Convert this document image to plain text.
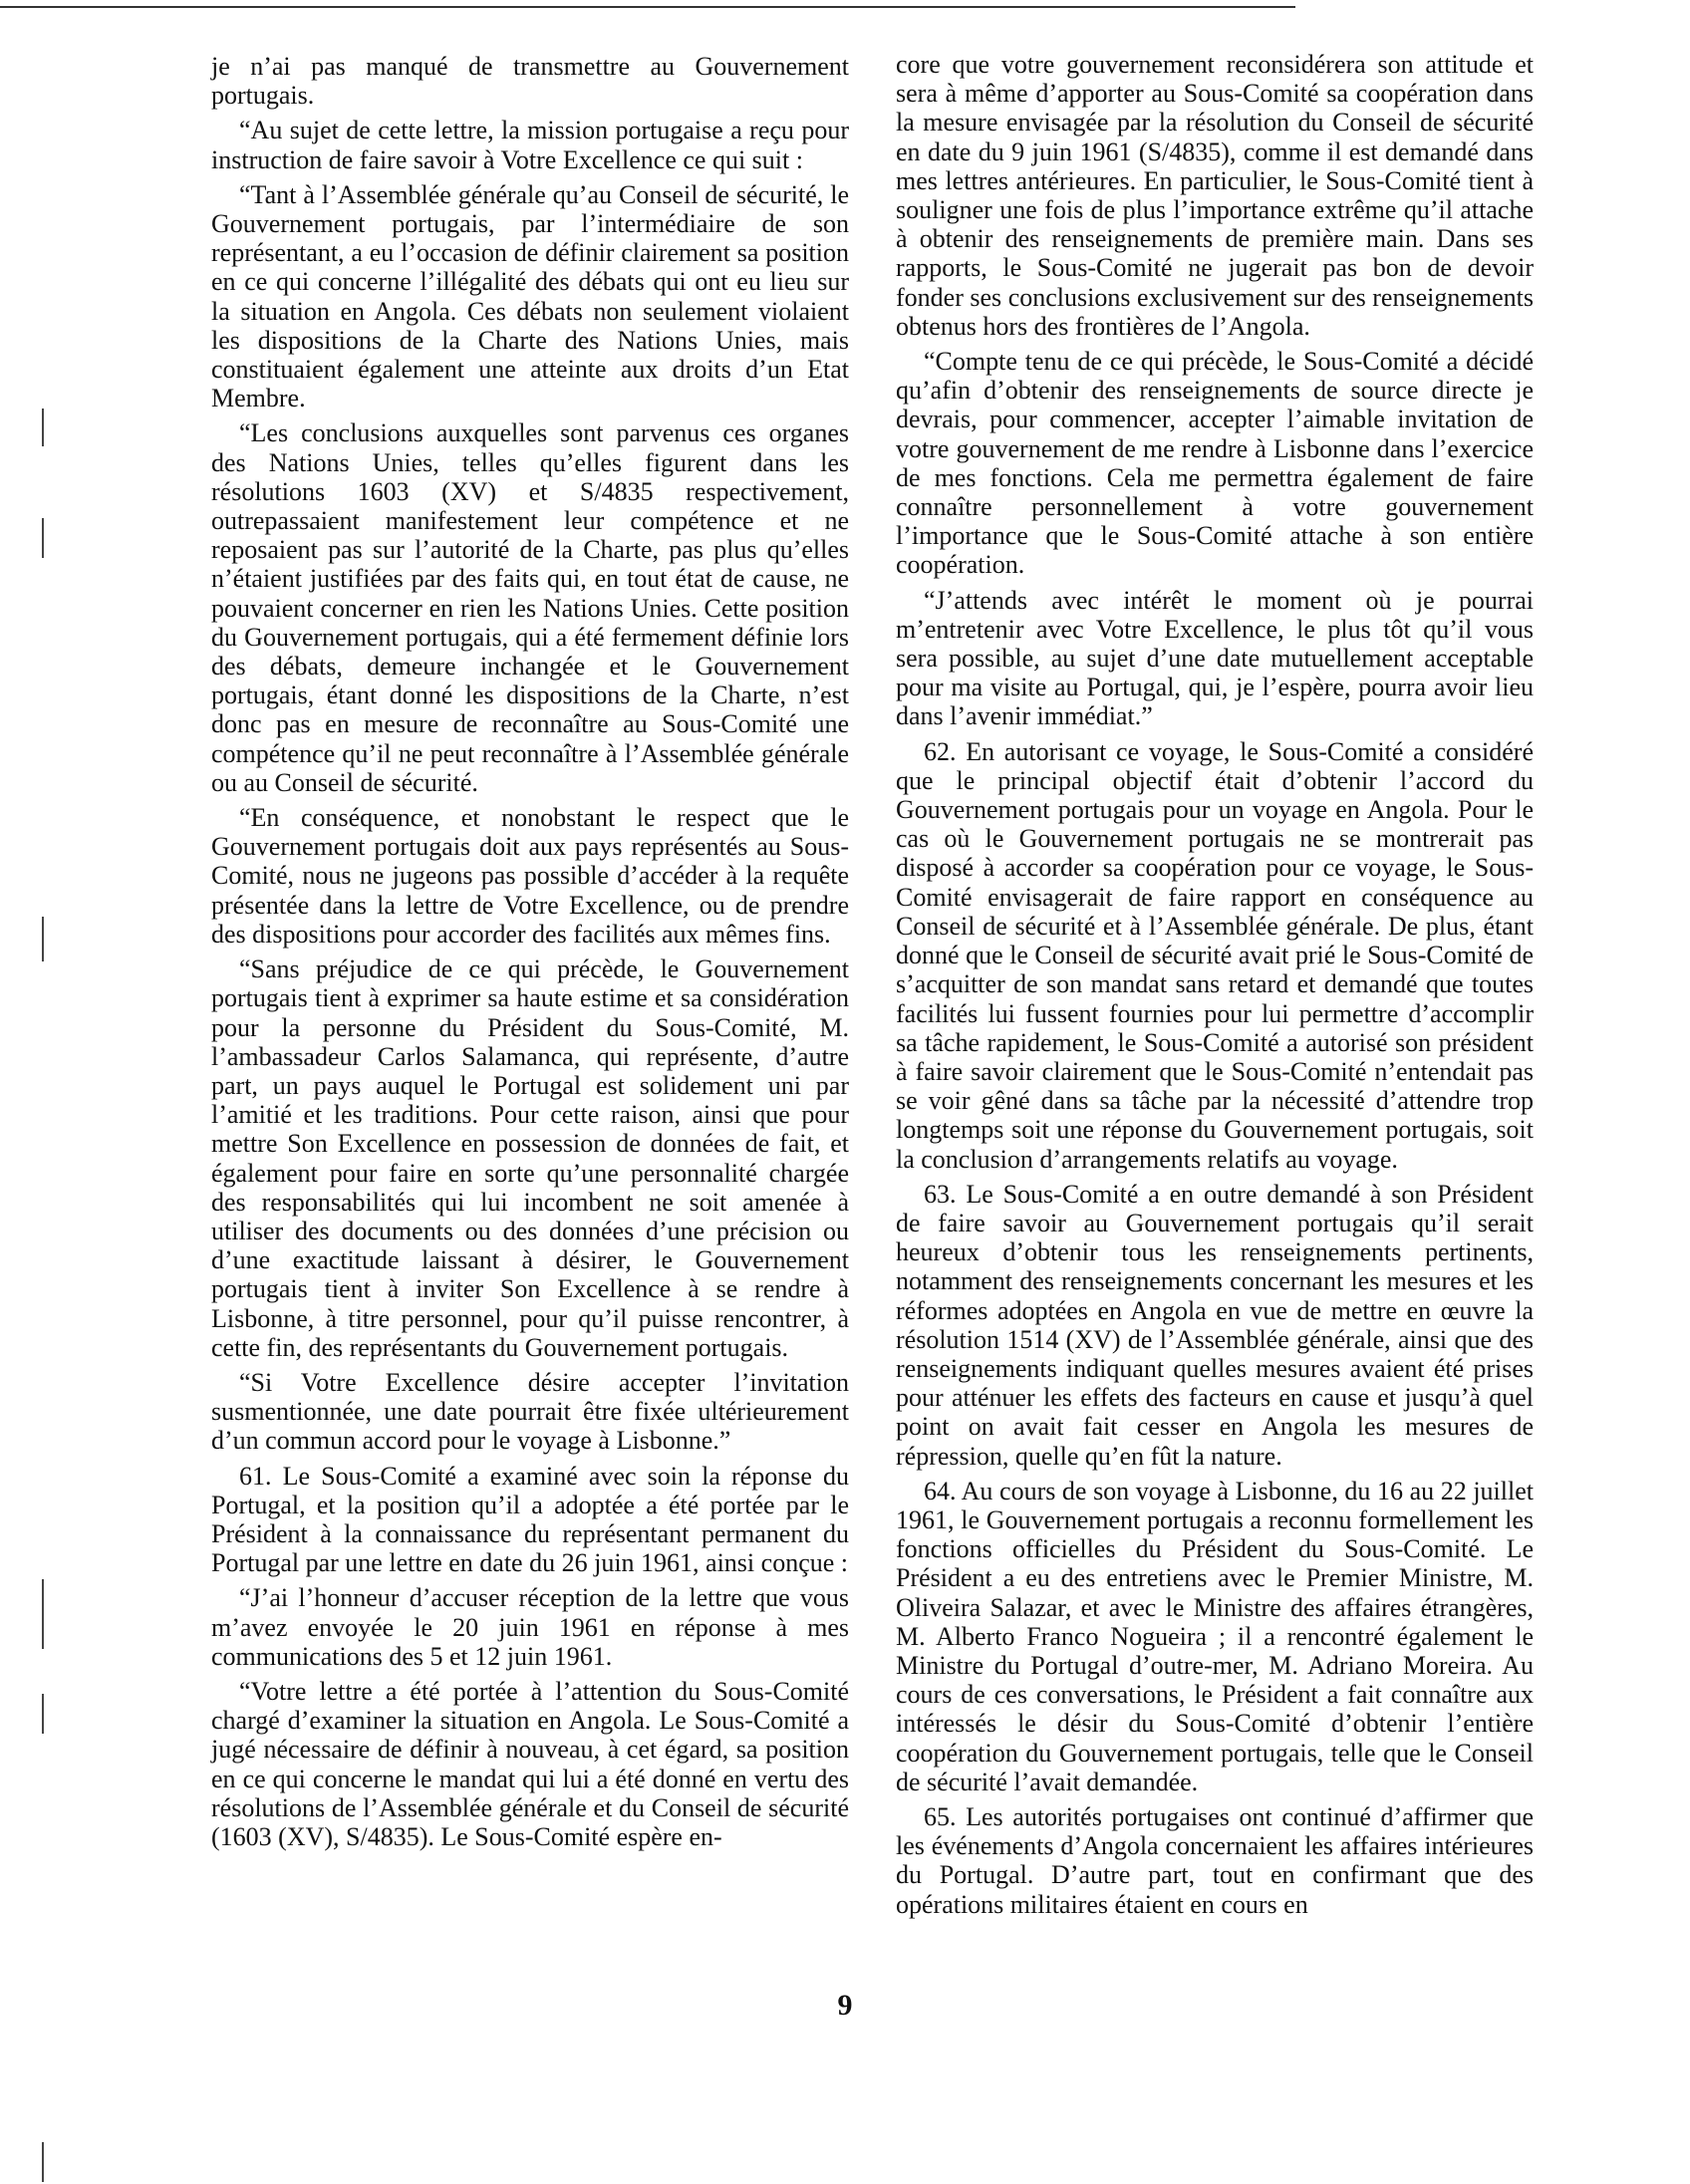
je n’ai pas manqué de transmettre au Gouvernement portugais.

“Au sujet de cette lettre, la mission portugaise a reçu pour instruction de faire savoir à Votre Excellence ce qui suit :

“Tant à l’Assemblée générale qu’au Conseil de sécurité, le Gouvernement portugais, par l’intermédiaire de son représentant, a eu l’occasion de définir clairement sa position en ce qui concerne l’illégalité des débats qui ont eu lieu sur la situation en Angola. Ces débats non seulement violaient les dispositions de la Charte des Nations Unies, mais constituaient également une atteinte aux droits d’un Etat Membre.

“Les conclusions auxquelles sont parvenus ces organes des Nations Unies, telles qu’elles figurent dans les résolutions 1603 (XV) et S/4835 respectivement, outrepassaient manifestement leur compétence et ne reposaient pas sur l’autorité de la Charte, pas plus qu’elles n’étaient justifiées par des faits qui, en tout état de cause, ne pouvaient concerner en rien les Nations Unies. Cette position du Gouvernement portugais, qui a été fermement définie lors des débats, demeure inchangée et le Gouvernement portugais, étant donné les dispositions de la Charte, n’est donc pas en mesure de reconnaître au Sous-Comité une compétence qu’il ne peut reconnaître à l’Assemblée générale ou au Conseil de sécurité.

“En conséquence, et nonobstant le respect que le Gouvernement portugais doit aux pays représentés au Sous-Comité, nous ne jugeons pas possible d’accéder à la requête présentée dans la lettre de Votre Excellence, ou de prendre des dispositions pour accorder des facilités aux mêmes fins.

“Sans préjudice de ce qui précède, le Gouvernement portugais tient à exprimer sa haute estime et sa considération pour la personne du Président du Sous-Comité, M. l’ambassadeur Carlos Salamanca, qui représente, d’autre part, un pays auquel le Portugal est solidement uni par l’amitié et les traditions. Pour cette raison, ainsi que pour mettre Son Excellence en possession de données de fait, et également pour faire en sorte qu’une personnalité chargée des responsabilités qui lui incombent ne soit amenée à utiliser des documents ou des données d’une précision ou d’une exactitude laissant à désirer, le Gouvernement portugais tient à inviter Son Excellence à se rendre à Lisbonne, à titre personnel, pour qu’il puisse rencontrer, à cette fin, des représentants du Gouvernement portugais.

“Si Votre Excellence désire accepter l’invitation susmentionnée, une date pourrait être fixée ultérieurement d’un commun accord pour le voyage à Lisbonne.”

61. Le Sous-Comité a examiné avec soin la réponse du Portugal, et la position qu’il a adoptée a été portée par le Président à la connaissance du représentant permanent du Portugal par une lettre en date du 26 juin 1961, ainsi conçue :

“J’ai l’honneur d’accuser réception de la lettre que vous m’avez envoyée le 20 juin 1961 en réponse à mes communications des 5 et 12 juin 1961.

“Votre lettre a été portée à l’attention du Sous-Comité chargé d’examiner la situation en Angola. Le Sous-Comité a jugé nécessaire de définir à nouveau, à cet égard, sa position en ce qui concerne le mandat qui lui a été donné en vertu des résolutions de l’Assemblée générale et du Conseil de sécurité (1603 (XV), S/4835). Le Sous-Comité espère en-

core que votre gouvernement reconsidérera son attitude et sera à même d’apporter au Sous-Comité sa coopération dans la mesure envisagée par la résolution du Conseil de sécurité en date du 9 juin 1961 (S/4835), comme il est demandé dans mes lettres antérieures. En particulier, le Sous-Comité tient à souligner une fois de plus l’importance extrême qu’il attache à obtenir des renseignements de première main. Dans ses rapports, le Sous-Comité ne jugerait pas bon de devoir fonder ses conclusions exclusivement sur des renseignements obtenus hors des frontières de l’Angola.

“Compte tenu de ce qui précède, le Sous-Comité a décidé qu’afin d’obtenir des renseignements de source directe je devrais, pour commencer, accepter l’aimable invitation de votre gouvernement de me rendre à Lisbonne dans l’exercice de mes fonctions. Cela me permettra également de faire connaître personnellement à votre gouvernement l’importance que le Sous-Comité attache à son entière coopération.

“J’attends avec intérêt le moment où je pourrai m’entretenir avec Votre Excellence, le plus tôt qu’il vous sera possible, au sujet d’une date mutuellement acceptable pour ma visite au Portugal, qui, je l’espère, pourra avoir lieu dans l’avenir immédiat.”

62. En autorisant ce voyage, le Sous-Comité a considéré que le principal objectif était d’obtenir l’accord du Gouvernement portugais pour un voyage en Angola. Pour le cas où le Gouvernement portugais ne se montrerait pas disposé à accorder sa coopération pour ce voyage, le Sous-Comité envisagerait de faire rapport en conséquence au Conseil de sécurité et à l’Assemblée générale. De plus, étant donné que le Conseil de sécurité avait prié le Sous-Comité de s’acquitter de son mandat sans retard et demandé que toutes facilités lui fussent fournies pour lui permettre d’accomplir sa tâche rapidement, le Sous-Comité a autorisé son président à faire savoir clairement que le Sous-Comité n’entendait pas se voir gêné dans sa tâche par la nécessité d’attendre trop longtemps soit une réponse du Gouvernement portugais, soit la conclusion d’arrangements relatifs au voyage.

63. Le Sous-Comité a en outre demandé à son Président de faire savoir au Gouvernement portugais qu’il serait heureux d’obtenir tous les renseignements pertinents, notamment des renseignements concernant les mesures et les réformes adoptées en Angola en vue de mettre en œuvre la résolution 1514 (XV) de l’Assemblée générale, ainsi que des renseignements indiquant quelles mesures avaient été prises pour atténuer les effets des facteurs en cause et jusqu’à quel point on avait fait cesser en Angola les mesures de répression, quelle qu’en fût la nature.

64. Au cours de son voyage à Lisbonne, du 16 au 22 juillet 1961, le Gouvernement portugais a reconnu formellement les fonctions officielles du Président du Sous-Comité. Le Président a eu des entretiens avec le Premier Ministre, M. Oliveira Salazar, et avec le Ministre des affaires étrangères, M. Alberto Franco Nogueira ; il a rencontré également le Ministre du Portugal d’outre-mer, M. Adriano Moreira. Au cours de ces conversations, le Président a fait connaître aux intéressés le désir du Sous-Comité d’obtenir l’entière coopération du Gouvernement portugais, telle que le Conseil de sécurité l’avait demandée.

65. Les autorités portugaises ont continué d’affirmer que les événements d’Angola concernaient les affaires intérieures du Portugal. D’autre part, tout en confirmant que des opérations militaires étaient en cours en

9
